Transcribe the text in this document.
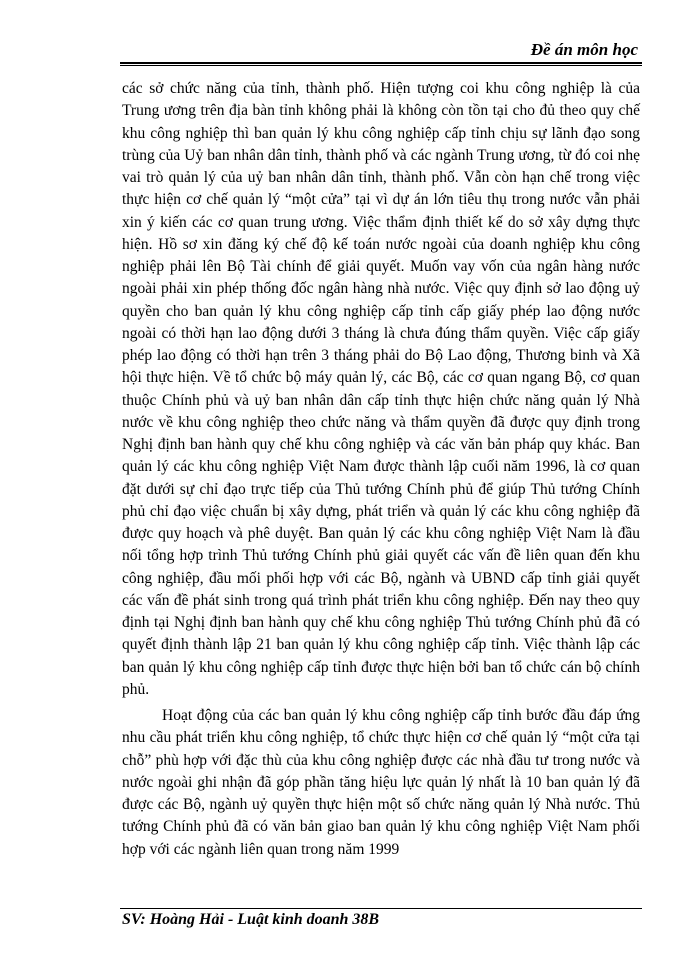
Đề án môn học

các sở chức năng của tỉnh, thành phố. Hiện tượng coi khu công nghiệp là của Trung ương trên địa bàn tỉnh không phải là không còn tồn tại cho đủ theo quy chế khu công nghiệp thì ban quản lý khu công nghiệp cấp tỉnh chịu sự lãnh đạo song trùng của Uỷ ban nhân dân tỉnh, thành phố và các ngành Trung ương, từ đó coi nhẹ vai trò quản lý của uỷ ban nhân dân tỉnh, thành phố. Vẫn còn hạn chế trong việc thực hiện cơ chế quản lý “một cửa” tại vì dự án lớn tiêu thụ trong nước vẫn phải xin ý kiến các cơ quan trung ương. Việc thẩm định thiết kế do sở xây dựng thực hiện. Hồ sơ xin đăng ký chế độ kế toán nước ngoài của doanh nghiệp khu công nghiệp phải lên Bộ Tài chính để giải quyết. Muốn vay vốn của ngân hàng nước ngoài phải xin phép thống đốc ngân hàng nhà nước. Việc quy định sở lao động uỷ quyền cho ban quản lý khu công nghiệp cấp tỉnh cấp giấy phép lao động nước ngoài có thời hạn lao động dưới 3 tháng là chưa đúng thẩm quyền. Việc cấp giấy phép lao động có thời hạn trên 3 tháng phải do Bộ Lao động, Thương binh và Xã hội thực hiện. Về tổ chức bộ máy quản lý, các Bộ, các cơ quan ngang Bộ, cơ quan thuộc Chính phủ và uỷ ban nhân dân cấp tỉnh thực hiện chức năng quản lý Nhà nước về khu công nghiệp theo chức năng và thẩm quyền đã được quy định trong Nghị định ban hành quy chế khu công nghiệp và các văn bản pháp quy khác. Ban quản lý các khu công nghiệp Việt Nam được thành lập cuối năm 1996, là cơ quan đặt dưới sự chỉ đạo trực tiếp của Thủ tướng Chính phủ để giúp Thủ tướng Chính phủ chỉ đạo việc chuẩn bị xây dựng, phát triển và quản lý các khu công nghiệp đã được quy hoạch và phê duyệt. Ban quản lý các khu công nghiệp Việt Nam là đầu nối tổng hợp trình Thủ tướng Chính phủ giải quyết các vấn đề liên quan đến khu công nghiệp, đầu mối phối hợp với các Bộ, ngành và UBND cấp tỉnh giải quyết các vấn đề phát sinh trong quá trình phát triển khu công nghiệp. Đến nay theo quy định tại Nghị định ban hành quy chế khu công nghiệp Thủ tướng Chính phủ đã có quyết định thành lập 21 ban quản lý khu công nghiệp cấp tỉnh. Việc thành lập các ban quản lý khu công nghiệp cấp tỉnh được thực hiện bởi ban tổ chức cán bộ chính phủ.

Hoạt động của các ban quản lý khu công nghiệp cấp tỉnh bước đầu đáp ứng nhu cầu phát triển khu công nghiệp, tổ chức thực hiện cơ chế quản lý “một cửa tại chỗ” phù hợp với đặc thù của khu công nghiệp được các nhà đầu tư trong nước và nước ngoài ghi nhận đã góp phần tăng hiệu lực quản lý nhất là 10 ban quản lý đã được các Bộ, ngành uỷ quyền thực hiện một số chức năng quản lý Nhà nước. Thủ tướng Chính phủ đã có văn bản giao ban quản lý khu công nghiệp Việt Nam phối hợp với các ngành liên quan trong năm 1999

SV: Hoàng Hải - Luật kinh doanh 38B
